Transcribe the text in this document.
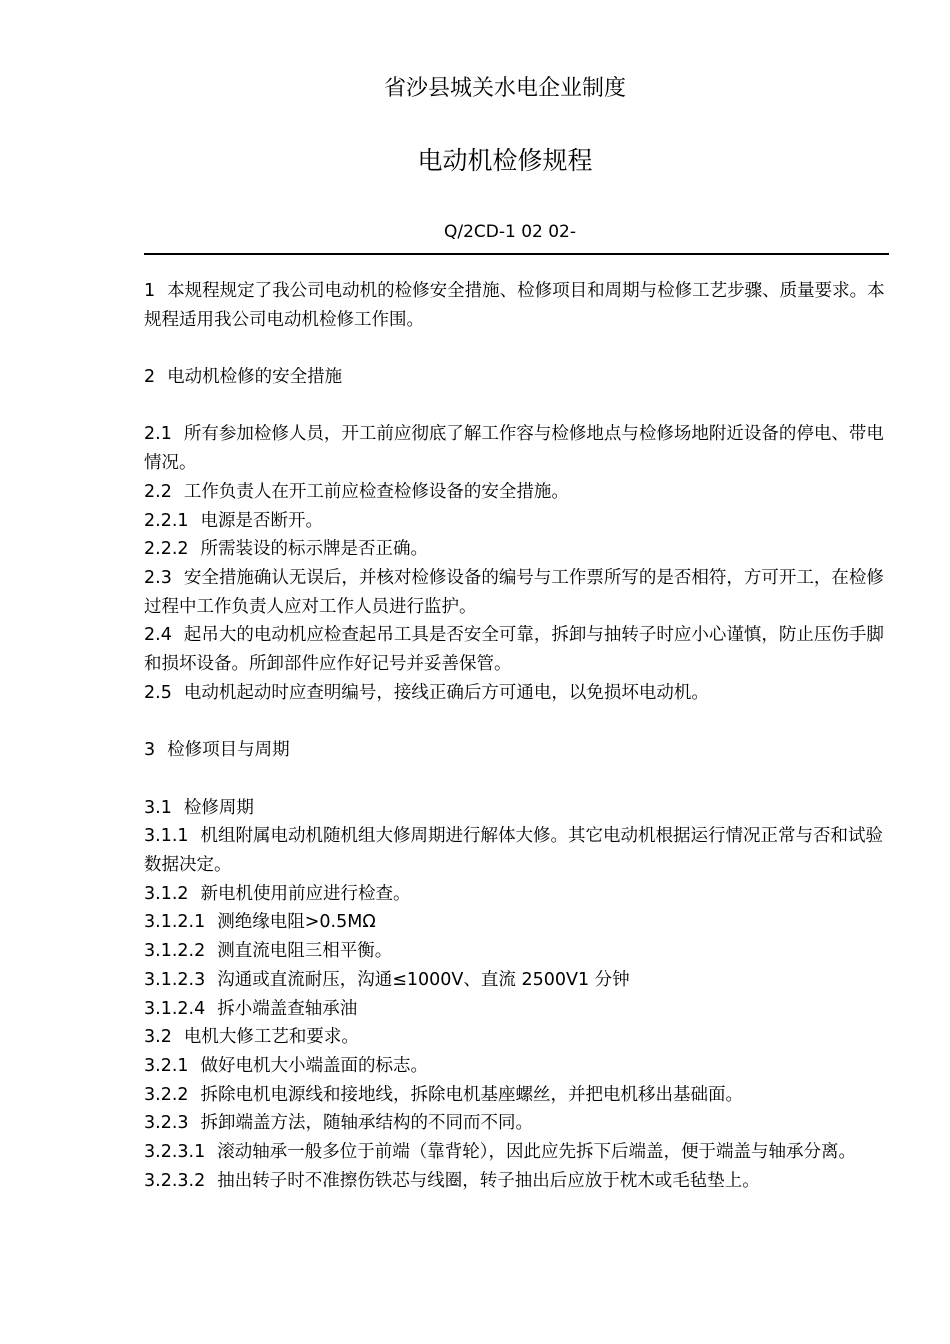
省沙县城关水电企业制度
电动机检修规程
Q/2CD-1 02 02-

1 本规程规定了我公司电动机的检修安全措施、检修项目和周期与检修工艺步骤、质量要求。本规程适用我公司电动机检修工作围。

2 电动机检修的安全措施

2.1 所有参加检修人员，开工前应彻底了解工作容与检修地点与检修场地附近设备的停电、带电情况。

2.2 工作负责人在开工前应检查检修设备的安全措施。

2.2.1 电源是否断开。

2.2.2 所需装设的标示牌是否正确。

2.3 安全措施确认无误后，并核对检修设备的编号与工作票所写的是否相符，方可开工，在检修过程中工作负责人应对工作人员进行监护。

2.4 起吊大的电动机应检查起吊工具是否安全可靠，拆卸与抽转子时应小心谨慎，防止压伤手脚和损坏设备。所卸部件应作好记号并妥善保管。

2.5 电动机起动时应查明编号，接线正确后方可通电，以免损坏电动机。

3 检修项目与周期

3.1 检修周期

3.1.1 机组附属电动机随机组大修周期进行解体大修。其它电动机根据运行情况正常与否和试验数据决定。

3.1.2 新电机使用前应进行检查。

3.1.2.1 测绝缘电阻>0.5MΩ

3.1.2.2 测直流电阻三相平衡。

3.1.2.3 沟通或直流耐压，沟通≤1000V、直流 2500V1 分钟

3.1.2.4 拆小端盖查轴承油

3.2 电机大修工艺和要求。

3.2.1 做好电机大小端盖面的标志。

3.2.2 拆除电机电源线和接地线，拆除电机基座螺丝，并把电机移出基础面。

3.2.3 拆卸端盖方法，随轴承结构的不同而不同。

3.2.3.1 滚动轴承一般多位于前端（靠背轮），因此应先拆下后端盖，便于端盖与轴承分离。

3.2.3.2 抽出转子时不准擦伤铁芯与线圈，转子抽出后应放于枕木或毛毡垫上。
